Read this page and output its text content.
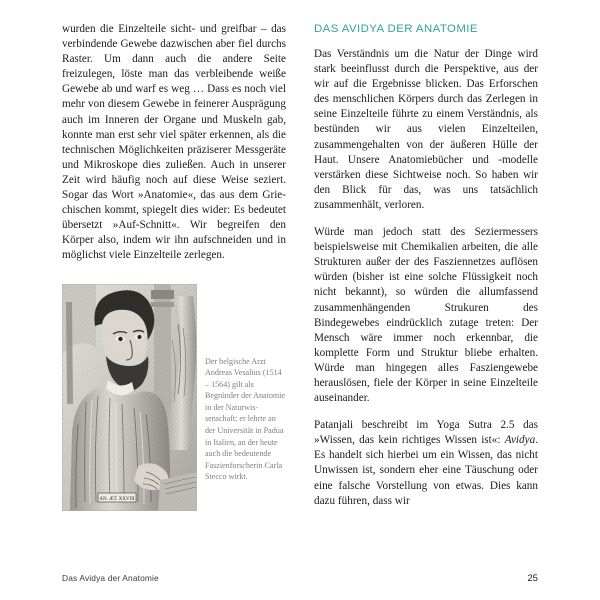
wurden die Einzelteile sicht- und greifbar – das verbindende Gewebe dazwischen aber fiel durchs Raster. Um dann auch die andere Seite freizulegen, löste man das verbleibende weiße Gewebe ab und warf es weg … Dass es noch viel mehr von diesem Gewebe in feinerer Ausprägung auch im Inneren der Organe und Muskeln gab, konnte man erst sehr viel später erkennen, als die technischen Möglichkeiten präziserer Messgeräte und Mikroskope dies zuließen. Auch in unserer Zeit wird häufig noch auf diese Weise seziert. Sogar das Wort »Anatomie«, das aus dem Griechischen kommt, spiegelt dies wider: Es bedeutet übersetzt »Auf-Schnitt«. Wir begreifen den Körper also, indem wir ihn aufschneiden und in möglichst viele Einzelteile zerlegen.

AN. ÆT. XXVIII
Der belgische Arzt Andreas Vesalius (1514 – 1564) gilt als Begründer der Anatomie in der Naturwissenschaft; er lehrte an der Universität in Padua in Italien, an der heute auch die bedeutende Faszienforscherin Carla Stecco wirkt.
DAS AVIDYA DER ANATOMIE

Das Verständnis um die Natur der Dinge wird stark beeinflusst durch die Perspektive, aus der wir auf die Ergebnisse blicken. Das Erforschen des menschlichen Körpers durch das Zerlegen in seine Einzelteile führte zu einem Verständnis, als bestünden wir aus vielen Einzelteilen, zusammengehalten von der äußeren Hülle der Haut. Unsere Anatomiebücher und -modelle verstärken diese Sichtweise noch. So haben wir den Blick für das, was uns tatsächlich zusammenhält, verloren.

Würde man jedoch statt des Seziermessers beispielsweise mit Chemikalien arbeiten, die alle Strukturen außer der des Fasziennetzes auflösen würden (bisher ist eine solche Flüssigkeit noch nicht bekannt), so würden die allumfassend zusammenhängenden Strukuren des Bindegewebes eindrücklich zutage treten: Der Mensch wäre immer noch erkennbar, die komplette Form und Struktur bliebe erhalten. Würde man hingegen alles Fasziengewebe herauslösen, fiele der Körper in seine Einzelteile auseinander.

Patanjali beschreibt im Yoga Sutra 2.5 das »Wissen, das kein richtiges Wissen ist«: Avidya. Es handelt sich hierbei um ein Wissen, das nicht Unwissen ist, sondern eher eine Täuschung oder eine falsche Vorstellung von etwas. Dies kann dazu führen, dass wir

Das Avidya der Anatomie	25
